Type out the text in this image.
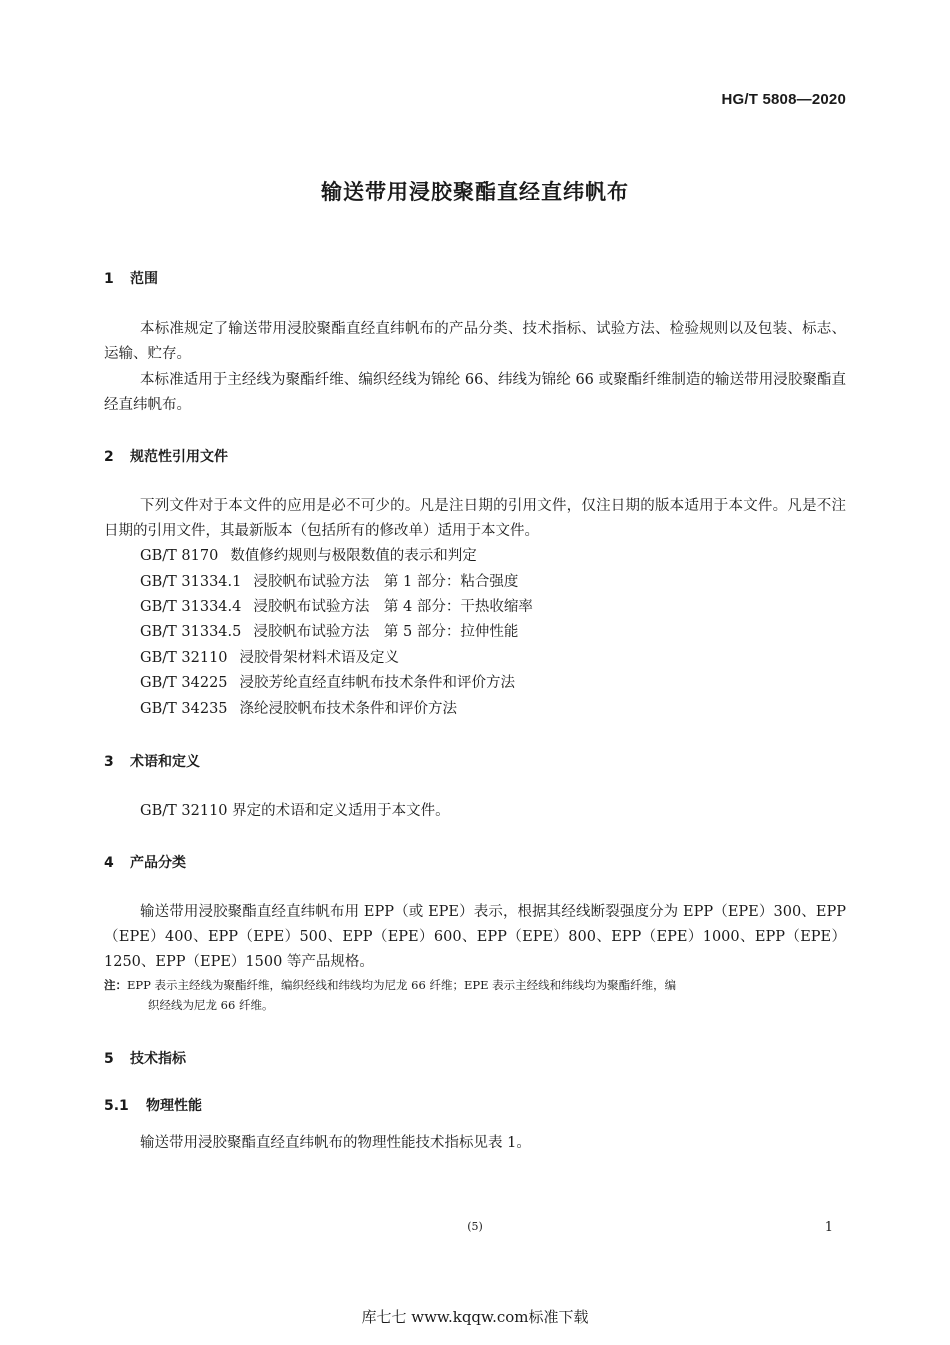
HG/T 5808—2020
输送带用浸胶聚酯直经直纬帆布
1 范围
本标准规定了输送带用浸胶聚酯直经直纬帆布的产品分类、技术指标、试验方法、检验规则以及包装、标志、运输、贮存。
本标准适用于主经线为聚酯纤维、编织经线为锦纶 66、纬线为锦纶 66 或聚酯纤维制造的输送带用浸胶聚酯直经直纬帆布。
2 规范性引用文件
下列文件对于本文件的应用是必不可少的。凡是注日期的引用文件，仅注日期的版本适用于本文件。凡是不注日期的引用文件，其最新版本（包括所有的修改单）适用于本文件。
GB/T 8170 数值修约规则与极限数值的表示和判定
GB/T 31334.1 浸胶帆布试验方法　第 1 部分：粘合强度
GB/T 31334.4 浸胶帆布试验方法　第 4 部分：干热收缩率
GB/T 31334.5 浸胶帆布试验方法　第 5 部分：拉伸性能
GB/T 32110 浸胶骨架材料术语及定义
GB/T 34225 浸胶芳纶直经直纬帆布技术条件和评价方法
GB/T 34235 涤纶浸胶帆布技术条件和评价方法
3 术语和定义
GB/T 32110 界定的术语和定义适用于本文件。
4 产品分类
输送带用浸胶聚酯直经直纬帆布用 EPP（或 EPE）表示，根据其经线断裂强度分为 EPP（EPE）300、EPP（EPE）400、EPP（EPE）500、EPP（EPE）600、EPP（EPE）800、EPP（EPE）1000、EPP（EPE）1250、EPP（EPE）1500 等产品规格。
注：EPP 表示主经线为聚酯纤维，编织经线和纬线均为尼龙 66 纤维；EPE 表示主经线和纬线均为聚酯纤维，编
织经线为尼龙 66 纤维。
5 技术指标
5.1 物理性能
输送带用浸胶聚酯直经直纬帆布的物理性能技术指标见表 1。
(5)	1
库七七 www.kqqw.com标准下载
